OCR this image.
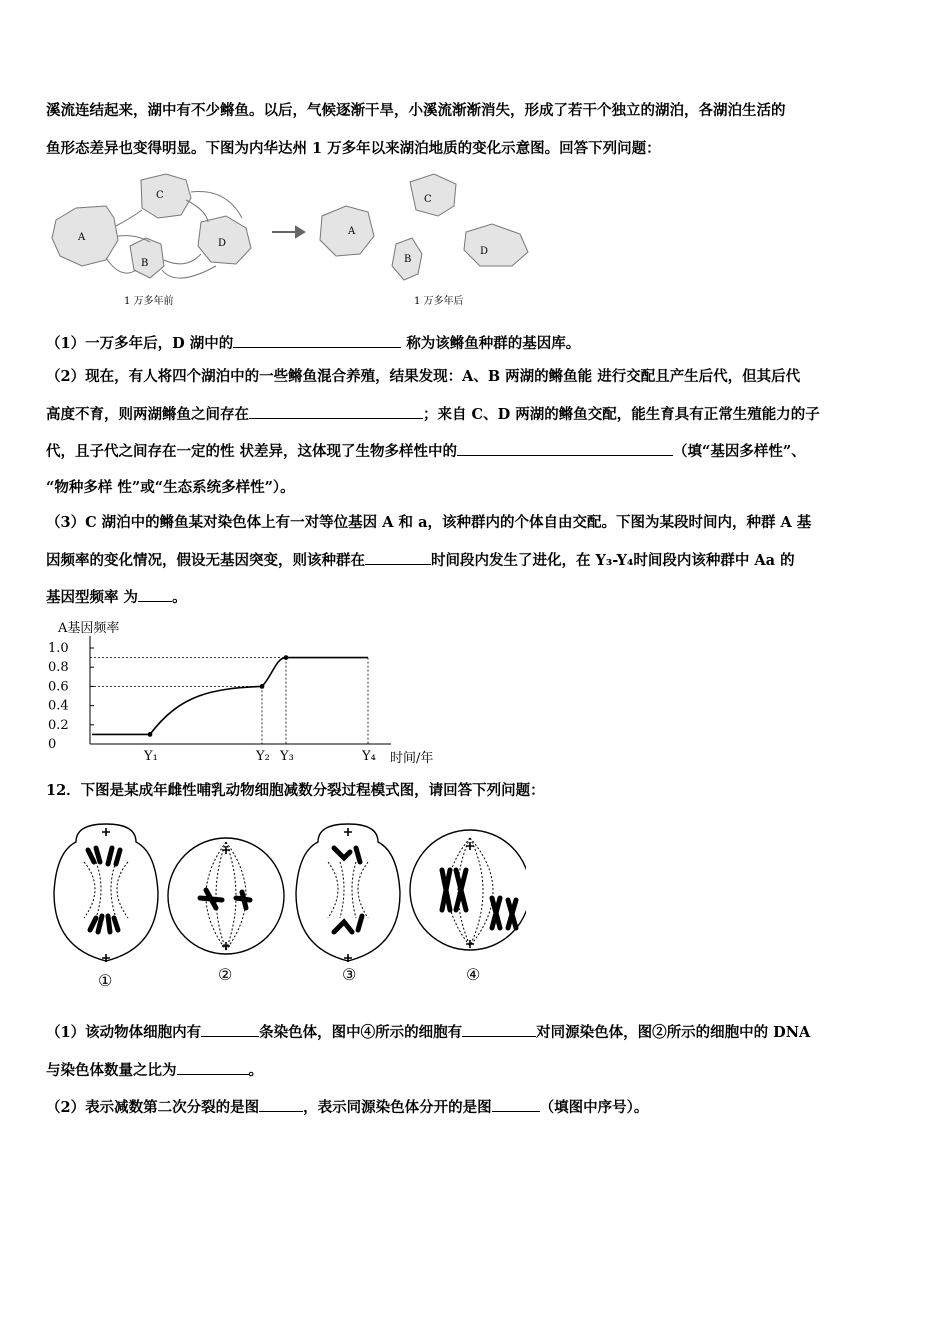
溪流连结起来，湖中有不少鳉鱼。以后，气候逐渐干旱，小溪流渐渐消失，形成了若干个独立的湖泊，各湖泊生活的
鱼形态差异也变得明显。下图为内华达州 1 万多年以来湖泊地质的变化示意图。回答下列问题：
A
C
B
D
1 万多年前
A
C
B
D
1 万多年后
（1）一万多年后，D 湖中的	称为该鳉鱼种群的基因库。
（2）现在，有人将四个湖泊中的一些鳉鱼混合养殖，结果发现：A、B 两湖的鳉鱼能 进行交配且产生后代，但其后代
高度不育，则两湖鳉鱼之间存在	；来自 C、D 两湖的鳉鱼交配，能生育具有正常生殖能力的子
代，且子代之间存在一定的性 状差异，这体现了生物多样性中的	（填“基因多样性”、
“物种多样 性”或“生态系统多样性”）。
（3）C 湖泊中的鳉鱼某对染色体上有一对等位基因 A 和 a，该种群内的个体自由交配。下图为某段时间内，种群 A 基
因频率的变化情况，假设无基因突变，则该种群在	时间段内发生了进化，在 Y₃-Y₄时间段内该种群中 Aa 的
基因型频率 为 。
A基因频率
1.0
0.8
0.6
0.4
0.2
0
Y₁	Y₂ Y₃	Y₄ 时间/年
12．下图是某成年雌性哺乳动物细胞减数分裂过程模式图，请回答下列问题：
①	②	③	④
（1）该动物体细胞内有	条染色体，图中④所示的细胞有	对同源染色体，图②所示的细胞中的 DNA
与染色体数量之比为	。
（2）表示减数第二次分裂的是图	，表示同源染色体分开的是图	（填图中序号）。
